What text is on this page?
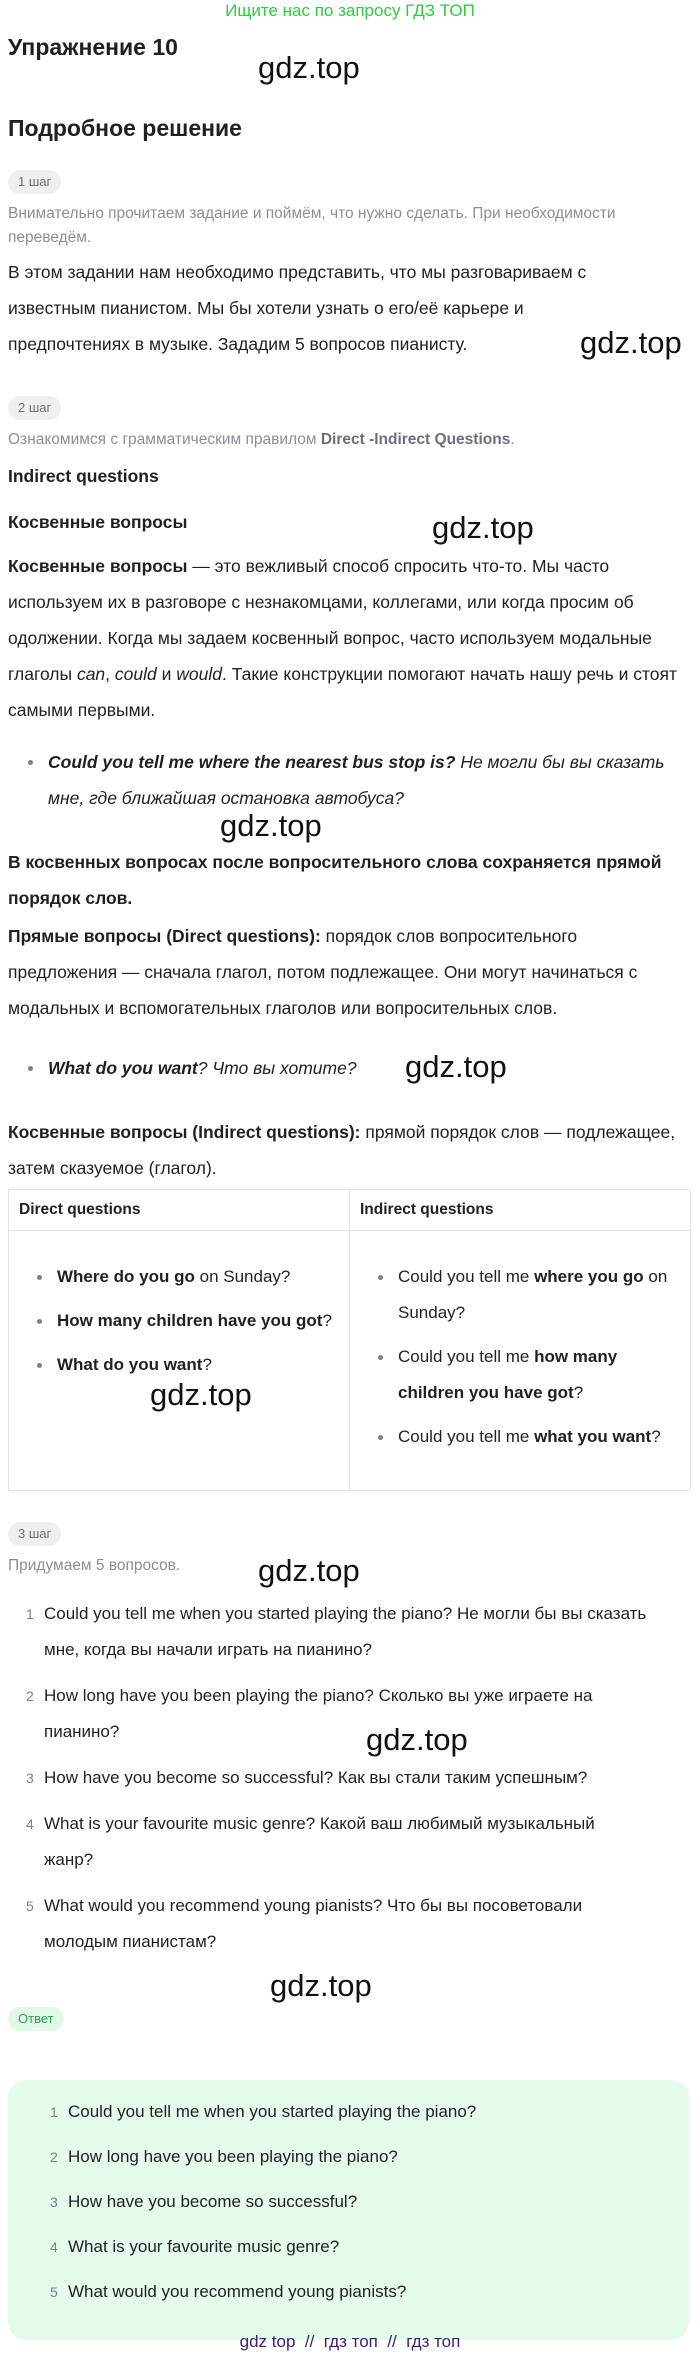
Ищите нас по запросу ГДЗ ТОП
Упражнение 10
Подробное решение
gdz.top
gdz.top
gdz.top
gdz.top
gdz.top
gdz.top
gdz.top
gdz.top
gdz.top
1 шаг
Внимательно прочитаем задание и поймём, что нужно сделать. При необходимости переведём.
В этом задании нам необходимо представить, что мы разговариваем с известным пианистом. Мы бы хотели узнать о его/её карьере и предпочтениях в музыке. Зададим 5 вопросов пианисту.
2 шаг
Ознакомимся с грамматическим правилом Direct -Indirect Questions.
Indirect questions
Косвенные вопросы
Косвенные вопросы — это вежливый способ спросить что-то. Мы часто используем их в разговоре с незнакомцами, коллегами, или когда просим об одолжении. Когда мы задаем косвенный вопрос, часто используем модальные глаголы can, could и would. Такие конструкции помогают начать нашу речь и стоят самыми первыми.
Could you tell me where the nearest bus stop is? Не могли бы вы сказать мне, где ближайшая остановка автобуса?
В косвенных вопросах после вопросительного слова сохраняется прямой порядок слов.
Прямые вопросы (Direct questions): порядок слов вопросительного предложения — сначала глагол, потом подлежащее. Они могут начинаться с модальных и вспомогательных глаголов или вопросительных слов.
What do you want? Что вы хотите?
Косвенные вопросы (Indirect questions): прямой порядок слов — подлежащее, затем сказуемое (глагол).
Direct questions
Where do you go on Sunday?
How many children have you got?
What do you want?
Indirect questions
Could you tell me where you go on Sunday?
Could you tell me how many children you have got?
Could you tell me what you want?
3 шаг
Придумаем 5 вопросов.
1 Could you tell me when you started playing the piano? Не могли бы вы сказать мне, когда вы начали играть на пианино?
2 How long have you been playing the piano? Сколько вы уже играете на пианино?
3 How have you become so successful? Как вы стали таким успешным?
4 What is your favourite music genre? Какой ваш любимый музыкальный жанр?
5 What would you recommend young pianists? Что бы вы посоветовали молодым пианистам?
Ответ
1 Could you tell me when you started playing the piano?
2 How long have you been playing the piano?
3 How have you become so successful?
4 What is your favourite music genre?
5 What would you recommend young pianists?
gdz top  //  гдз топ  //  гдз топ
